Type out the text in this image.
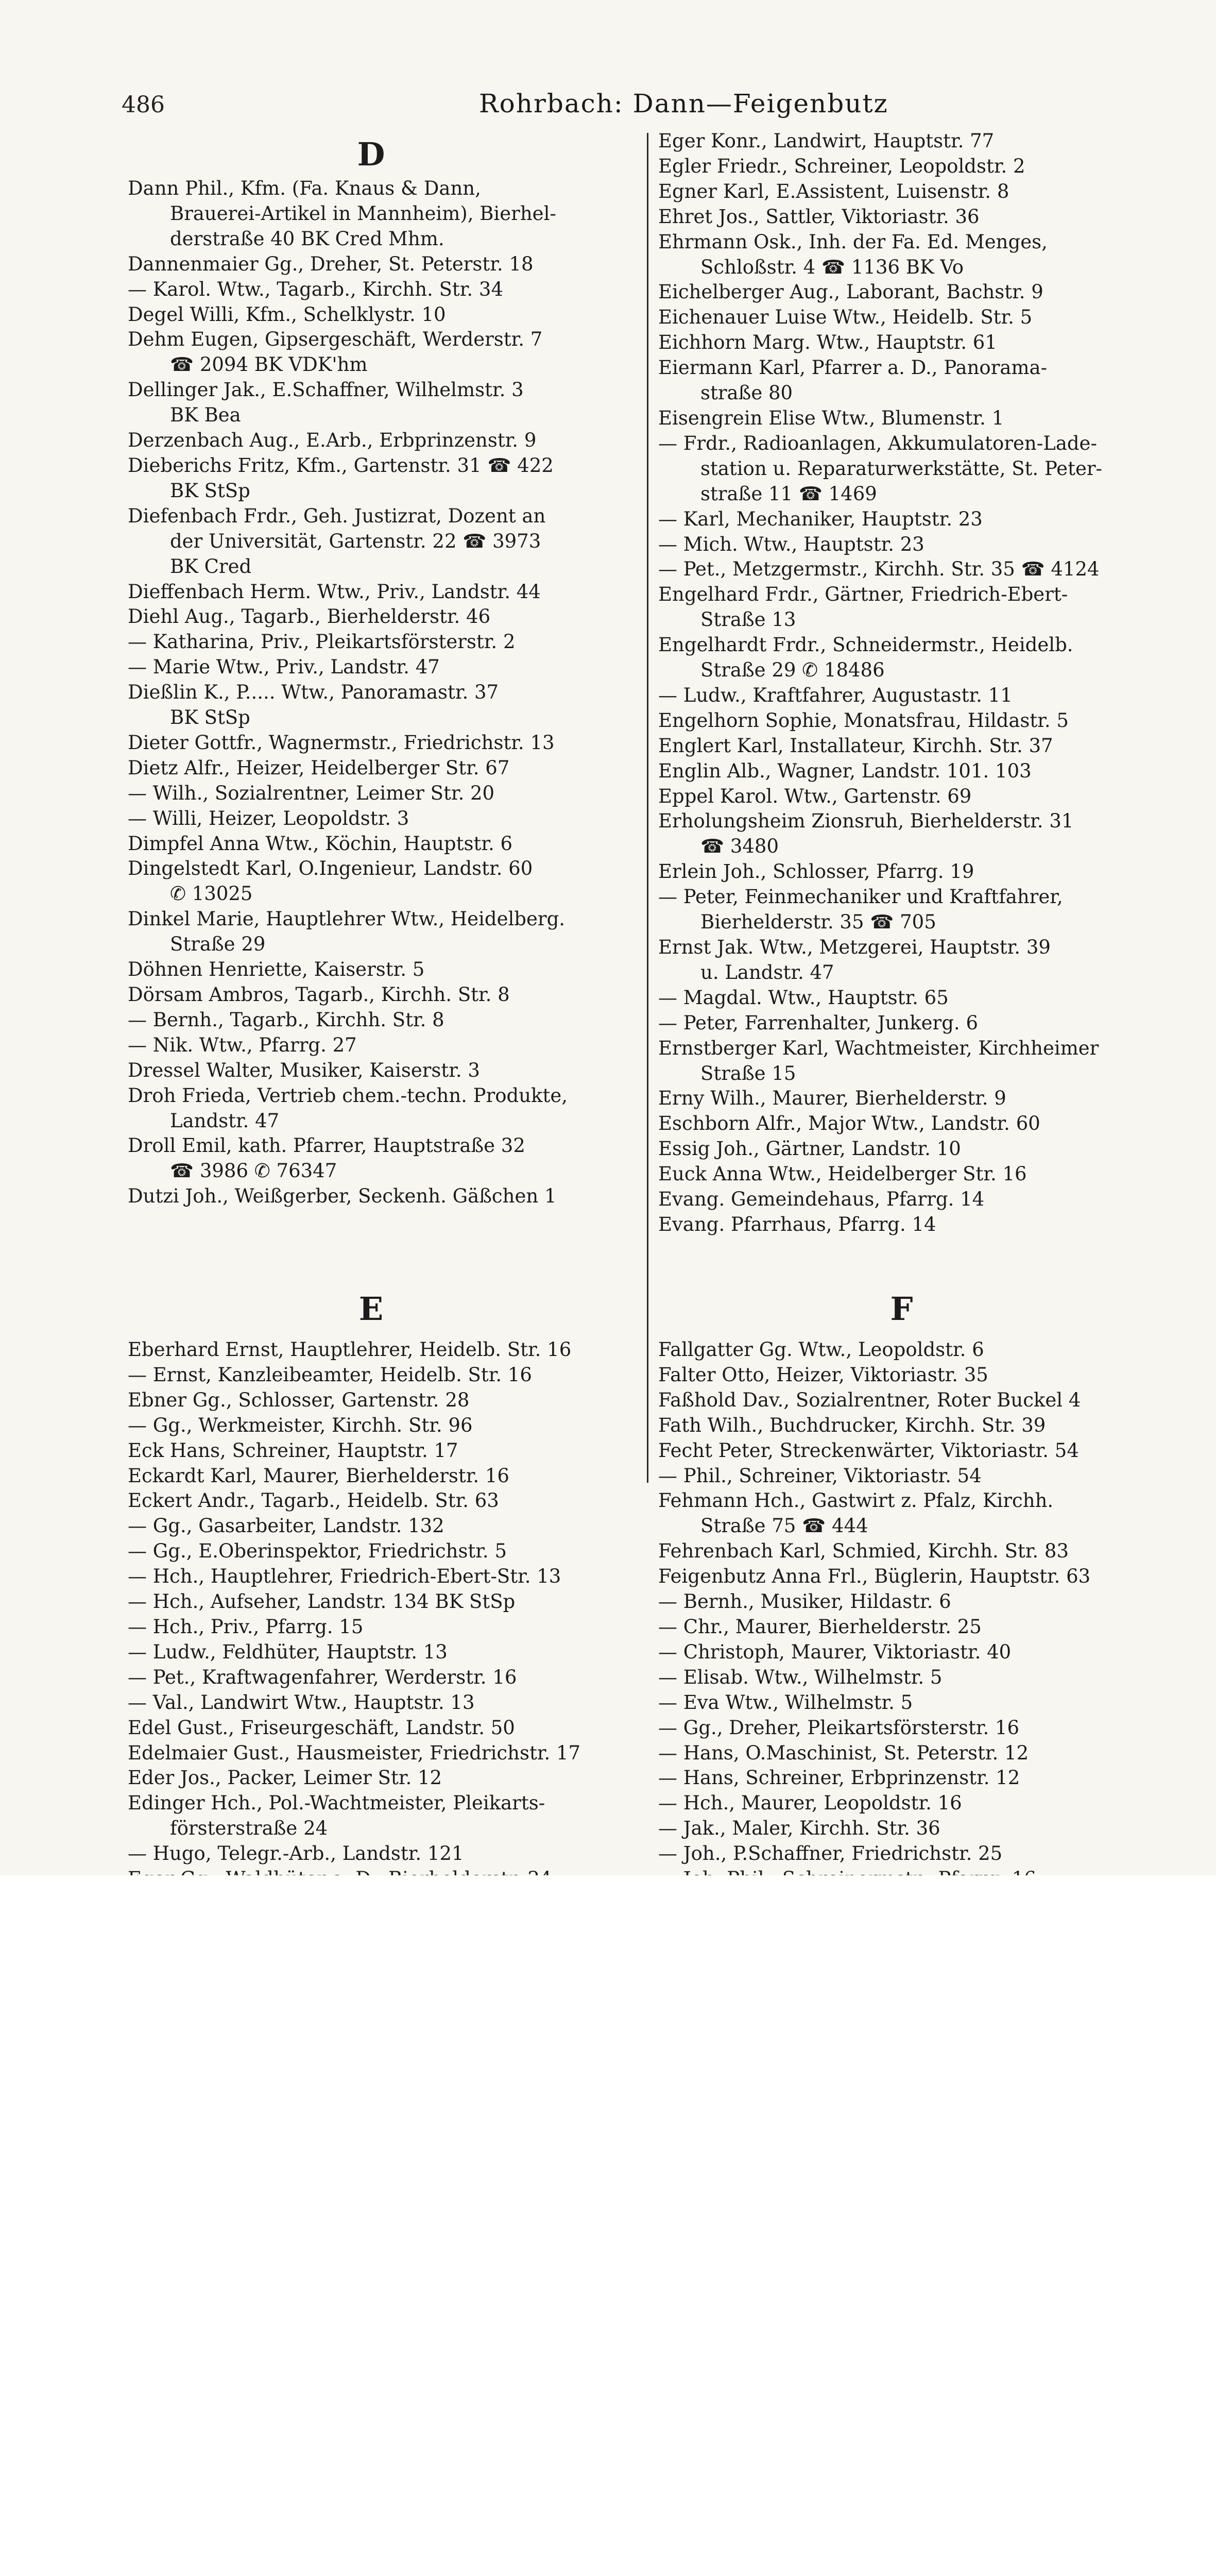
486	Rohrbach: Dann—Feigenbutz
D
Dann Phil., Kfm. (Fa. Knaus & Dann,
Brauerei-Artikel in Mannheim), Bierhel-
derstraße 40 BK Cred Mhm.
Dannenmaier Gg., Dreher, St. Peterstr. 18
— Karol. Wtw., Tagarb., Kirchh. Str. 34
Degel Willi, Kfm., Schelklystr. 10
Dehm Eugen, Gipsergeschäft, Werderstr. 7
☎ 2094 BK VDK'hm
Dellinger Jak., E.Schaffner, Wilhelmstr. 3
BK Bea
Derzenbach Aug., E.Arb., Erbprinzenstr. 9
Dieberichs Fritz, Kfm., Gartenstr. 31 ☎ 422
BK StSp
Diefenbach Frdr., Geh. Justizrat, Dozent an
der Universität, Gartenstr. 22 ☎ 3973
BK Cred
Dieffenbach Herm. Wtw., Priv., Landstr. 44
Diehl Aug., Tagarb., Bierhelderstr. 46
— Katharina, Priv., Pleikartsförsterstr. 2
— Marie Wtw., Priv., Landstr. 47
Dießlin K., P..... Wtw., Panoramastr. 37
BK StSp
Dieter Gottfr., Wagnermstr., Friedrichstr. 13
Dietz Alfr., Heizer, Heidelberger Str. 67
— Wilh., Sozialrentner, Leimer Str. 20
— Willi, Heizer, Leopoldstr. 3
Dimpfel Anna Wtw., Köchin, Hauptstr. 6
Dingelstedt Karl, O.Ingenieur, Landstr. 60
✆ 13025
Dinkel Marie, Hauptlehrer Wtw., Heidelberg.
Straße 29
Döhnen Henriette, Kaiserstr. 5
Dörsam Ambros, Tagarb., Kirchh. Str. 8
— Bernh., Tagarb., Kirchh. Str. 8
— Nik. Wtw., Pfarrg. 27
Dressel Walter, Musiker, Kaiserstr. 3
Droh Frieda, Vertrieb chem.-techn. Produkte,
Landstr. 47
Droll Emil, kath. Pfarrer, Hauptstraße 32
☎ 3986 ✆ 76347
Dutzi Joh., Weißgerber, Seckenh. Gäßchen 1
Eger Konr., Landwirt, Hauptstr. 77
Egler Friedr., Schreiner, Leopoldstr. 2
Egner Karl, E.Assistent, Luisenstr. 8
Ehret Jos., Sattler, Viktoriastr. 36
Ehrmann Osk., Inh. der Fa. Ed. Menges,
Schloßstr. 4 ☎ 1136 BK Vo
Eichelberger Aug., Laborant, Bachstr. 9
Eichenauer Luise Wtw., Heidelb. Str. 5
Eichhorn Marg. Wtw., Hauptstr. 61
Eiermann Karl, Pfarrer a. D., Panorama-
straße 80
Eisengrein Elise Wtw., Blumenstr. 1
— Frdr., Radioanlagen, Akkumulatoren-Lade-
station u. Reparaturwerkstätte, St. Peter-
straße 11 ☎ 1469
— Karl, Mechaniker, Hauptstr. 23
— Mich. Wtw., Hauptstr. 23
— Pet., Metzgermstr., Kirchh. Str. 35 ☎ 4124
Engelhard Frdr., Gärtner, Friedrich-Ebert-
Straße 13
Engelhardt Frdr., Schneidermstr., Heidelb.
Straße 29 ✆ 18486
— Ludw., Kraftfahrer, Augustastr. 11
Engelhorn Sophie, Monatsfrau, Hildastr. 5
Englert Karl, Installateur, Kirchh. Str. 37
Englin Alb., Wagner, Landstr. 101. 103
Eppel Karol. Wtw., Gartenstr. 69
Erholungsheim Zionsruh, Bierhelderstr. 31
☎ 3480
Erlein Joh., Schlosser, Pfarrg. 19
— Peter, Feinmechaniker und Kraftfahrer,
Bierhelderstr. 35 ☎ 705
Ernst Jak. Wtw., Metzgerei, Hauptstr. 39
u. Landstr. 47
— Magdal. Wtw., Hauptstr. 65
— Peter, Farrenhalter, Junkerg. 6
Ernstberger Karl, Wachtmeister, Kirchheimer
Straße 15
Erny Wilh., Maurer, Bierhelderstr. 9
Eschborn Alfr., Major Wtw., Landstr. 60
Essig Joh., Gärtner, Landstr. 10
Euck Anna Wtw., Heidelberger Str. 16
Evang. Gemeindehaus, Pfarrg. 14
Evang. Pfarrhaus, Pfarrg. 14
E
Eberhard Ernst, Hauptlehrer, Heidelb. Str. 16
— Ernst, Kanzleibeamter, Heidelb. Str. 16
Ebner Gg., Schlosser, Gartenstr. 28
— Gg., Werkmeister, Kirchh. Str. 96
Eck Hans, Schreiner, Hauptstr. 17
Eckardt Karl, Maurer, Bierhelderstr. 16
Eckert Andr., Tagarb., Heidelb. Str. 63
— Gg., Gasarbeiter, Landstr. 132
— Gg., E.Oberinspektor, Friedrichstr. 5
— Hch., Hauptlehrer, Friedrich-Ebert-Str. 13
— Hch., Aufseher, Landstr. 134 BK StSp
— Hch., Priv., Pfarrg. 15
— Ludw., Feldhüter, Hauptstr. 13
— Pet., Kraftwagenfahrer, Werderstr. 16
— Val., Landwirt Wtw., Hauptstr. 13
Edel Gust., Friseurgeschäft, Landstr. 50
Edelmaier Gust., Hausmeister, Friedrichstr. 17
Eder Jos., Packer, Leimer Str. 12
Edinger Hch., Pol.-Wachtmeister, Pleikarts-
försterstraße 24
— Hugo, Telegr.-Arb., Landstr. 121
F
Fallgatter Gg. Wtw., Leopoldstr. 6
Falter Otto, Heizer, Viktoriastr. 35
Faßhold Dav., Sozialrentner, Roter Buckel 4
Fath Wilh., Buchdrucker, Kirchh. Str. 39
Fecht Peter, Streckenwärter, Viktoriastr. 54
— Phil., Schreiner, Viktoriastr. 54
Fehmann Hch., Gastwirt z. Pfalz, Kirchh.
Straße 75 ☎ 444
Fehrenbach Karl, Schmied, Kirchh. Str. 83
Feigenbutz Anna Frl., Büglerin, Hauptstr. 63
— Bernh., Musiker, Hildastr. 6
— Chr., Maurer, Bierhelderstr. 25
— Christoph, Maurer, Viktoriastr. 40
— Elisab. Wtw., Wilhelmstr. 5
— Eva Wtw., Wilhelmstr. 5
— Gg., Dreher, Pleikartsförsterstr. 16
— Hans, O.Maschinist, St. Peterstr. 12
— Hans, Schreiner, Erbprinzenstr. 12
— Hch., Maurer, Leopoldstr. 16
— Jak., Maler, Kirchh. Str. 36
— Joh., P.Schaffner, Friedrichstr. 25
